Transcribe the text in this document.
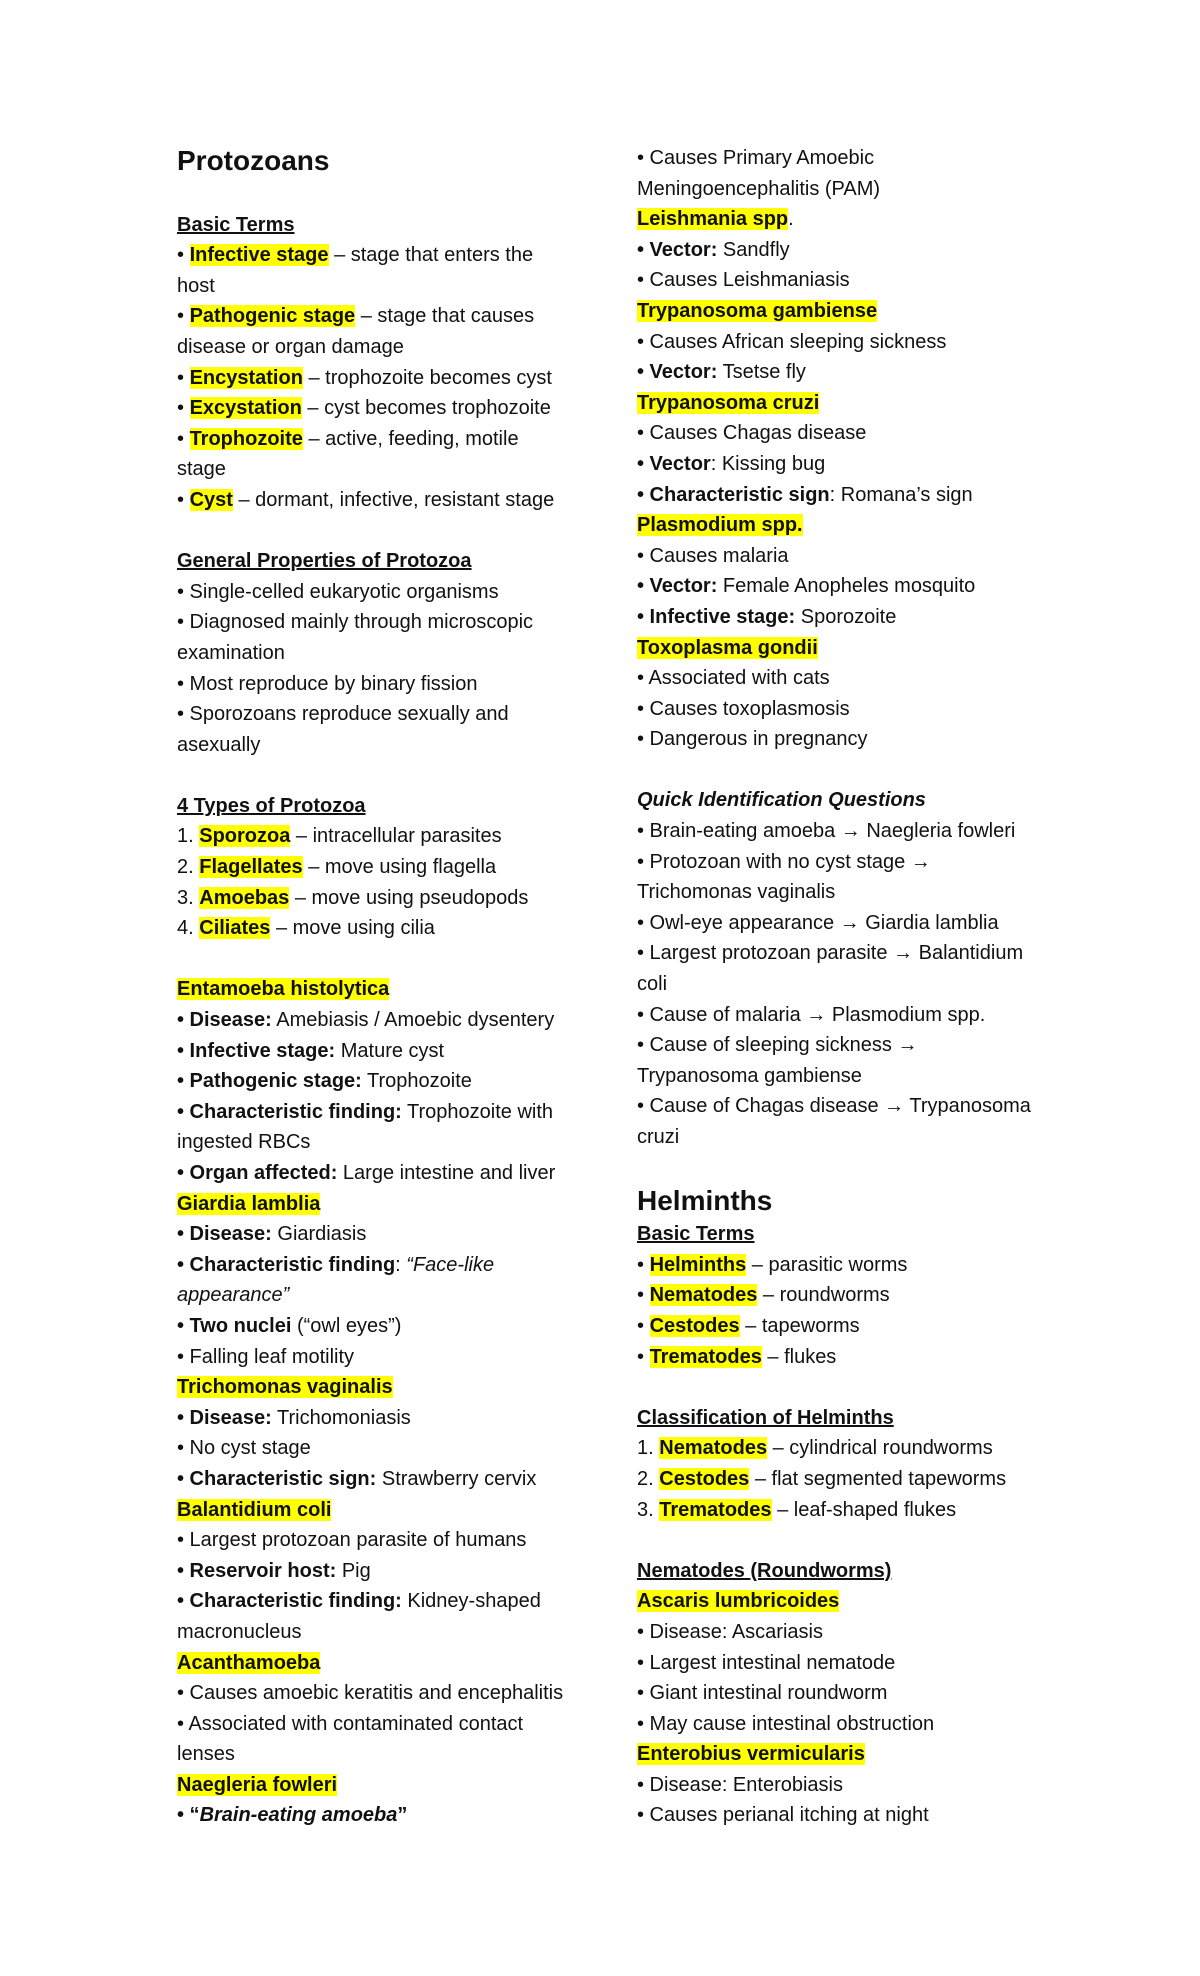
Protozoans
Basic Terms
• Infective stage – stage that enters the
host
• Pathogenic stage – stage that causes
disease or organ damage
• Encystation – trophozoite becomes cyst
• Excystation – cyst becomes trophozoite
• Trophozoite – active, feeding, motile
stage
• Cyst – dormant, infective, resistant stage
General Properties of Protozoa
• Single-celled eukaryotic organisms
• Diagnosed mainly through microscopic
examination
• Most reproduce by binary fission
• Sporozoans reproduce sexually and
asexually
4 Types of Protozoa
1. Sporozoa – intracellular parasites
2. Flagellates – move using flagella
3. Amoebas – move using pseudopods
4. Ciliates – move using cilia
Entamoeba histolytica
• Disease: Amebiasis / Amoebic dysentery
• Infective stage: Mature cyst
• Pathogenic stage: Trophozoite
• Characteristic finding: Trophozoite with
ingested RBCs
• Organ affected: Large intestine and liver
Giardia lamblia
• Disease: Giardiasis
• Characteristic finding: “Face-like
appearance”
• Two nuclei (“owl eyes”)
• Falling leaf motility
Trichomonas vaginalis
• Disease: Trichomoniasis
• No cyst stage
• Characteristic sign: Strawberry cervix
Balantidium coli
• Largest protozoan parasite of humans
• Reservoir host: Pig
• Characteristic finding: Kidney-shaped
macronucleus
Acanthamoeba
• Causes amoebic keratitis and encephalitis
• Associated with contaminated contact
lenses
Naegleria fowleri
• “Brain-eating amoeba”
• Causes Primary Amoebic
Meningoencephalitis (PAM)
Leishmania spp.
• Vector: Sandfly
• Causes Leishmaniasis
Trypanosoma gambiense
• Causes African sleeping sickness
• Vector: Tsetse fly
Trypanosoma cruzi
• Causes Chagas disease
• Vector: Kissing bug
• Characteristic sign: Romana’s sign
Plasmodium spp.
• Causes malaria
• Vector: Female Anopheles mosquito
• Infective stage: Sporozoite
Toxoplasma gondii
• Associated with cats
• Causes toxoplasmosis
• Dangerous in pregnancy
Quick Identification Questions
• Brain-eating amoeba → Naegleria fowleri
• Protozoan with no cyst stage →
Trichomonas vaginalis
• Owl-eye appearance → Giardia lamblia
• Largest protozoan parasite → Balantidium
coli
• Cause of malaria → Plasmodium spp.
• Cause of sleeping sickness →
Trypanosoma gambiense
• Cause of Chagas disease → Trypanosoma
cruzi
Helminths
Basic Terms
• Helminths – parasitic worms
• Nematodes – roundworms
• Cestodes – tapeworms
• Trematodes – flukes
Classification of Helminths
1. Nematodes – cylindrical roundworms
2. Cestodes – flat segmented tapeworms
3. Trematodes – leaf-shaped flukes
Nematodes (Roundworms)
Ascaris lumbricoides
• Disease: Ascariasis
• Largest intestinal nematode
• Giant intestinal roundworm
• May cause intestinal obstruction
Enterobius vermicularis
• Disease: Enterobiasis
• Causes perianal itching at night
